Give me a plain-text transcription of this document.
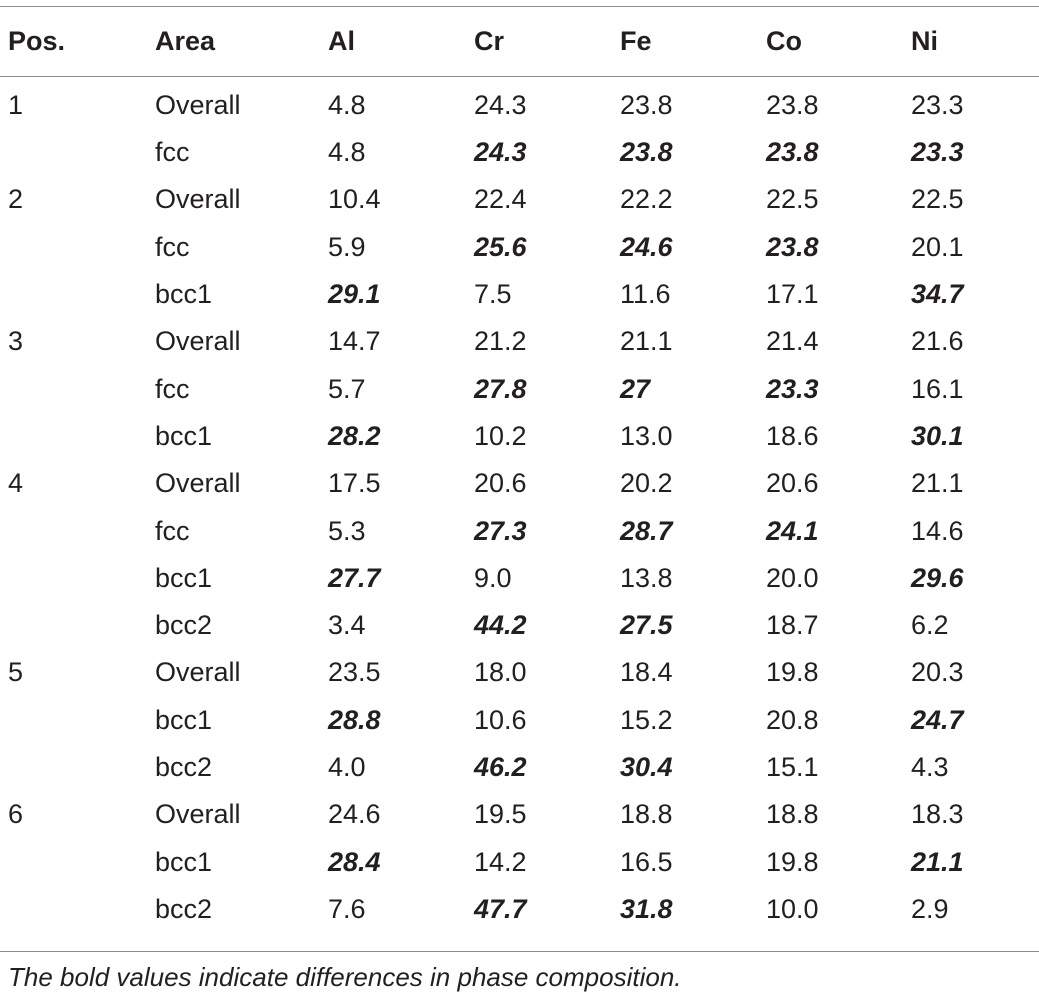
Pos.	Area	Al	Cr	Fe	Co	Ni
1	Overall	4.8	24.3	23.8	23.8	23.3
	fcc	4.8	24.3	23.8	23.8	23.3
2	Overall	10.4	22.4	22.2	22.5	22.5
	fcc	5.9	25.6	24.6	23.8	20.1
	bcc1	29.1	7.5	11.6	17.1	34.7
3	Overall	14.7	21.2	21.1	21.4	21.6
	fcc	5.7	27.8	27	23.3	16.1
	bcc1	28.2	10.2	13.0	18.6	30.1
4	Overall	17.5	20.6	20.2	20.6	21.1
	fcc	5.3	27.3	28.7	24.1	14.6
	bcc1	27.7	9.0	13.8	20.0	29.6
	bcc2	3.4	44.2	27.5	18.7	6.2
5	Overall	23.5	18.0	18.4	19.8	20.3
	bcc1	28.8	10.6	15.2	20.8	24.7
	bcc2	4.0	46.2	30.4	15.1	4.3
6	Overall	24.6	19.5	18.8	18.8	18.3
	bcc1	28.4	14.2	16.5	19.8	21.1
	bcc2	7.6	47.7	31.8	10.0	2.9
The bold values indicate differences in phase composition.
